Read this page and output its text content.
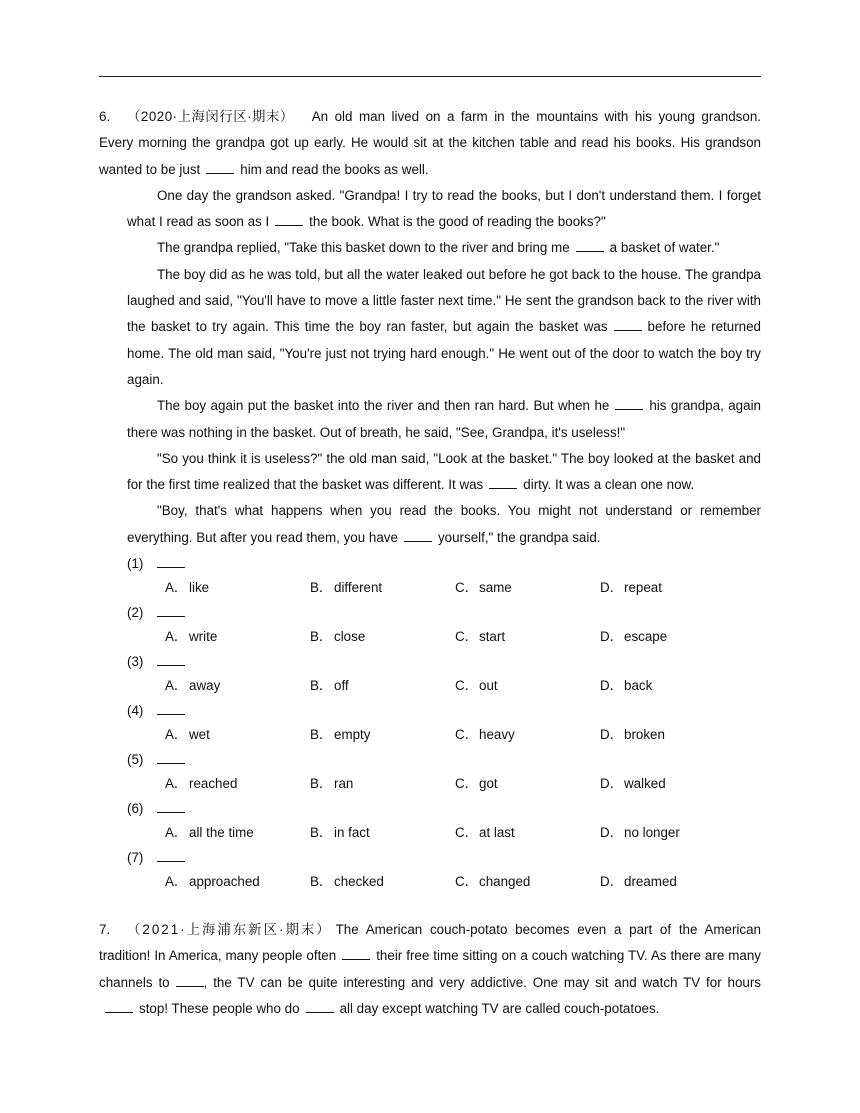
6. （2020·上海闵行区·期末） An old man lived on a farm in the mountains with his young grandson. Every morning the grandpa got up early. He would sit at the kitchen table and read his books. His grandson wanted to be just	him and read the books as well.

One day the grandson asked. "Grandpa! I try to read the books, but I don't understand them. I forget what I read as soon as I	the book. What is the good of reading the books?"

The grandpa replied, "Take this basket down to the river and bring me	a basket of water."

The boy did as he was told, but all the water leaked out before he got back to the house. The grandpa laughed and said, "You'll have to move a little faster next time." He sent the grandson back to the river with the basket to try again. This time the boy ran faster, but again the basket was	before he returned home. The old man said, "You're just not trying hard enough." He went out of the door to watch the boy try again.

The boy again put the basket into the river and then ran hard. But when he	his grandpa, again there was nothing in the basket. Out of breath, he said, "See, Grandpa, it's useless!"

"So you think it is useless?" the old man said, "Look at the basket." The boy looked at the basket and for the first time realized that the basket was different. It was	dirty. It was a clean one now.

"Boy, that's what happens when you read the books. You might not understand or remember everything. But after you read them, you have	yourself," the grandpa said.

(1)
A． like	B． different	C．same	D．repeat
(2)
A． write	B． close	C．start	D．escape
(3)
A． away	B． off	C．out	D．back
(4)
A． wet	B． empty	C．heavy	D．broken
(5)
A． reached	B． ran	C．got	D．walked
(6)
A． all the time	B． in fact	C．at last	D．no longer
(7)
A． approached	B． checked	C．changed	D．dreamed

7. （2021·上海浦东新区·期末） The American couch-potato becomes even a part of the American tradition! In America, many people often	their free time sitting on a couch watching TV. As there are many channels to	, the TV can be quite interesting and very addictive. One may sit and watch TV for hoursstop! These people who do	all day except watching TV are called couch-potatoes.
